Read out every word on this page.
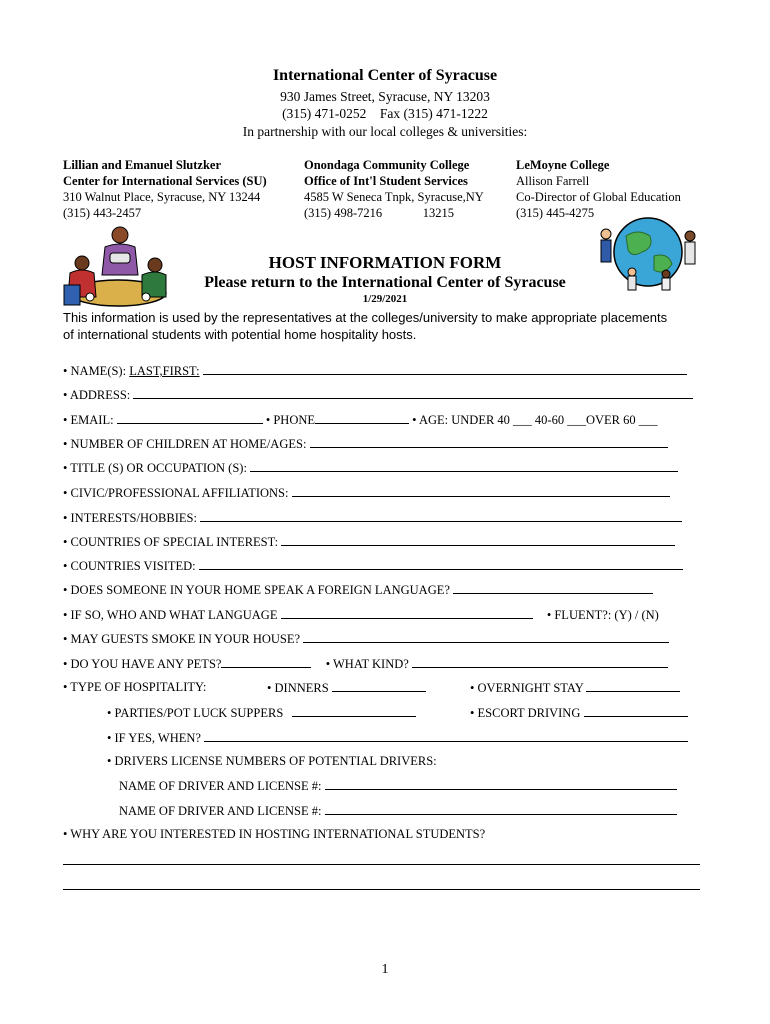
International Center of Syracuse
930 James Street, Syracuse, NY 13203
(315) 471-0252    Fax (315) 471-1222
In partnership with our local colleges & universities:
Lillian and Emanuel Slutzker
Center for International Services (SU)
310 Walnut Place, Syracuse, NY 13244
(315) 443-2457
Onondaga Community College
Office of Int'l Student Services
4585 W Seneca Tnpk, Syracuse,NY
(315) 498-7216             13215
LeMoyne College
Allison Farrell
Co-Director of Global Education
(315) 445-4275
HOST INFORMATION FORM
Please return to the International Center of Syracuse
1/29/2021
This information is used by the representatives at the colleges/university to make appropriate placements
of international students with potential home hospitality hosts.
• NAME(S): LAST,FIRST:
• ADDRESS:
• EMAIL:	• PHONE	• AGE: UNDER 40 ___ 40-60 ___OVER 60 ___
• NUMBER OF CHILDREN AT HOME/AGES:
• TITLE (S) OR OCCUPATION (S):
• CIVIC/PROFESSIONAL AFFILIATIONS:
• INTERESTS/HOBBIES:
• COUNTRIES OF SPECIAL INTEREST:
• COUNTRIES VISITED:
• DOES SOMEONE IN YOUR HOME SPEAK A FOREIGN LANGUAGE?
• IF SO, WHO AND WHAT LANGUAGE	• FLUENT?: (Y) / (N)
• MAY GUESTS SMOKE IN YOUR HOUSE?
• DO YOU HAVE ANY PETS?	• WHAT KIND?
• TYPE OF HOSPITALITY:	• DINNERS	• OVERNIGHT STAY
• PARTIES/POT LUCK SUPPERS	• ESCORT DRIVING
• IF YES, WHEN?
• DRIVERS LICENSE NUMBERS OF POTENTIAL DRIVERS:
NAME OF DRIVER AND LICENSE #:
NAME OF DRIVER AND LICENSE #:
• WHY ARE YOU INTERESTED IN HOSTING INTERNATIONAL STUDENTS?
1
